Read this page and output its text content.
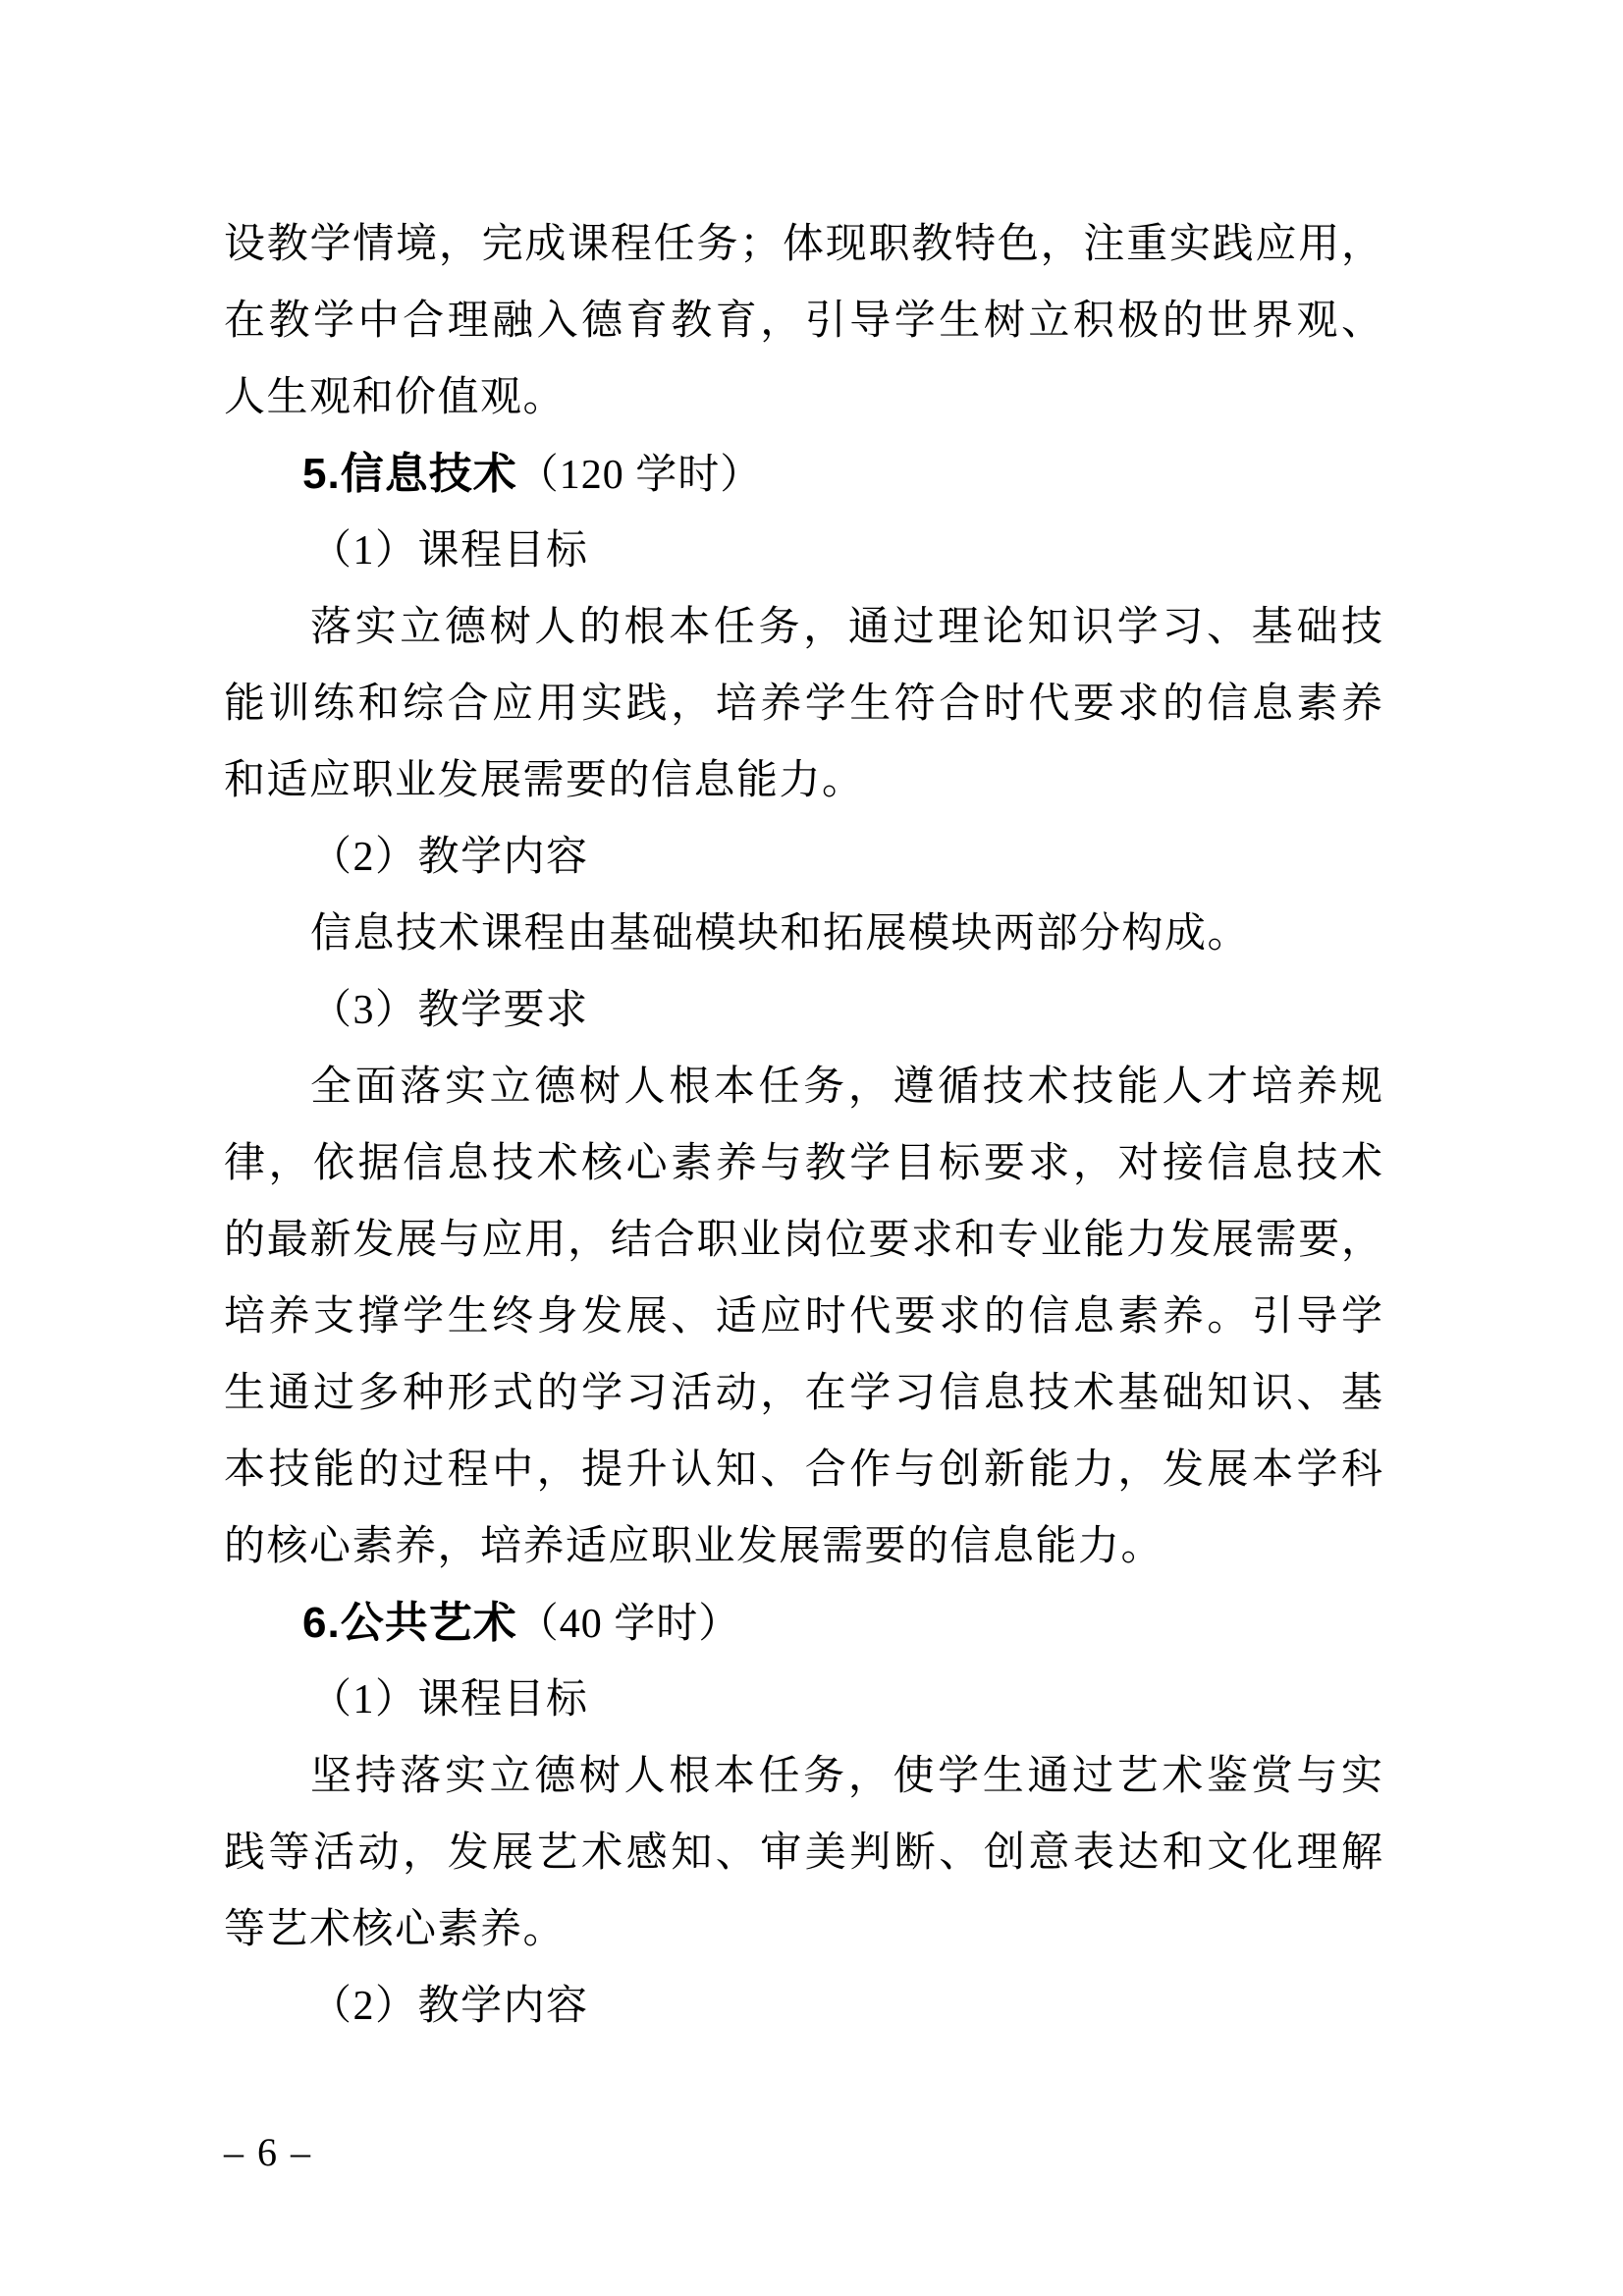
设教学情境，完成课程任务；体现职教特色，注重实践应用，
在教学中合理融入德育教育，引导学生树立积极的世界观、
人生观和价值观。
5.信息技术（120 学时）
（1）课程目标
落实立德树人的根本任务，通过理论知识学习、基础技
能训练和综合应用实践，培养学生符合时代要求的信息素养
和适应职业发展需要的信息能力。
（2）教学内容
信息技术课程由基础模块和拓展模块两部分构成。
（3）教学要求
全面落实立德树人根本任务，遵循技术技能人才培养规
律，依据信息技术核心素养与教学目标要求，对接信息技术
的最新发展与应用，结合职业岗位要求和专业能力发展需要，
培养支撑学生终身发展、适应时代要求的信息素养。引导学
生通过多种形式的学习活动，在学习信息技术基础知识、基
本技能的过程中，提升认知、合作与创新能力，发展本学科
的核心素养，培养适应职业发展需要的信息能力。
6.公共艺术（40 学时）
（1）课程目标
坚持落实立德树人根本任务，使学生通过艺术鉴赏与实
践等活动，发展艺术感知、审美判断、创意表达和文化理解
等艺术核心素养。
（2）教学内容
– 6 –
